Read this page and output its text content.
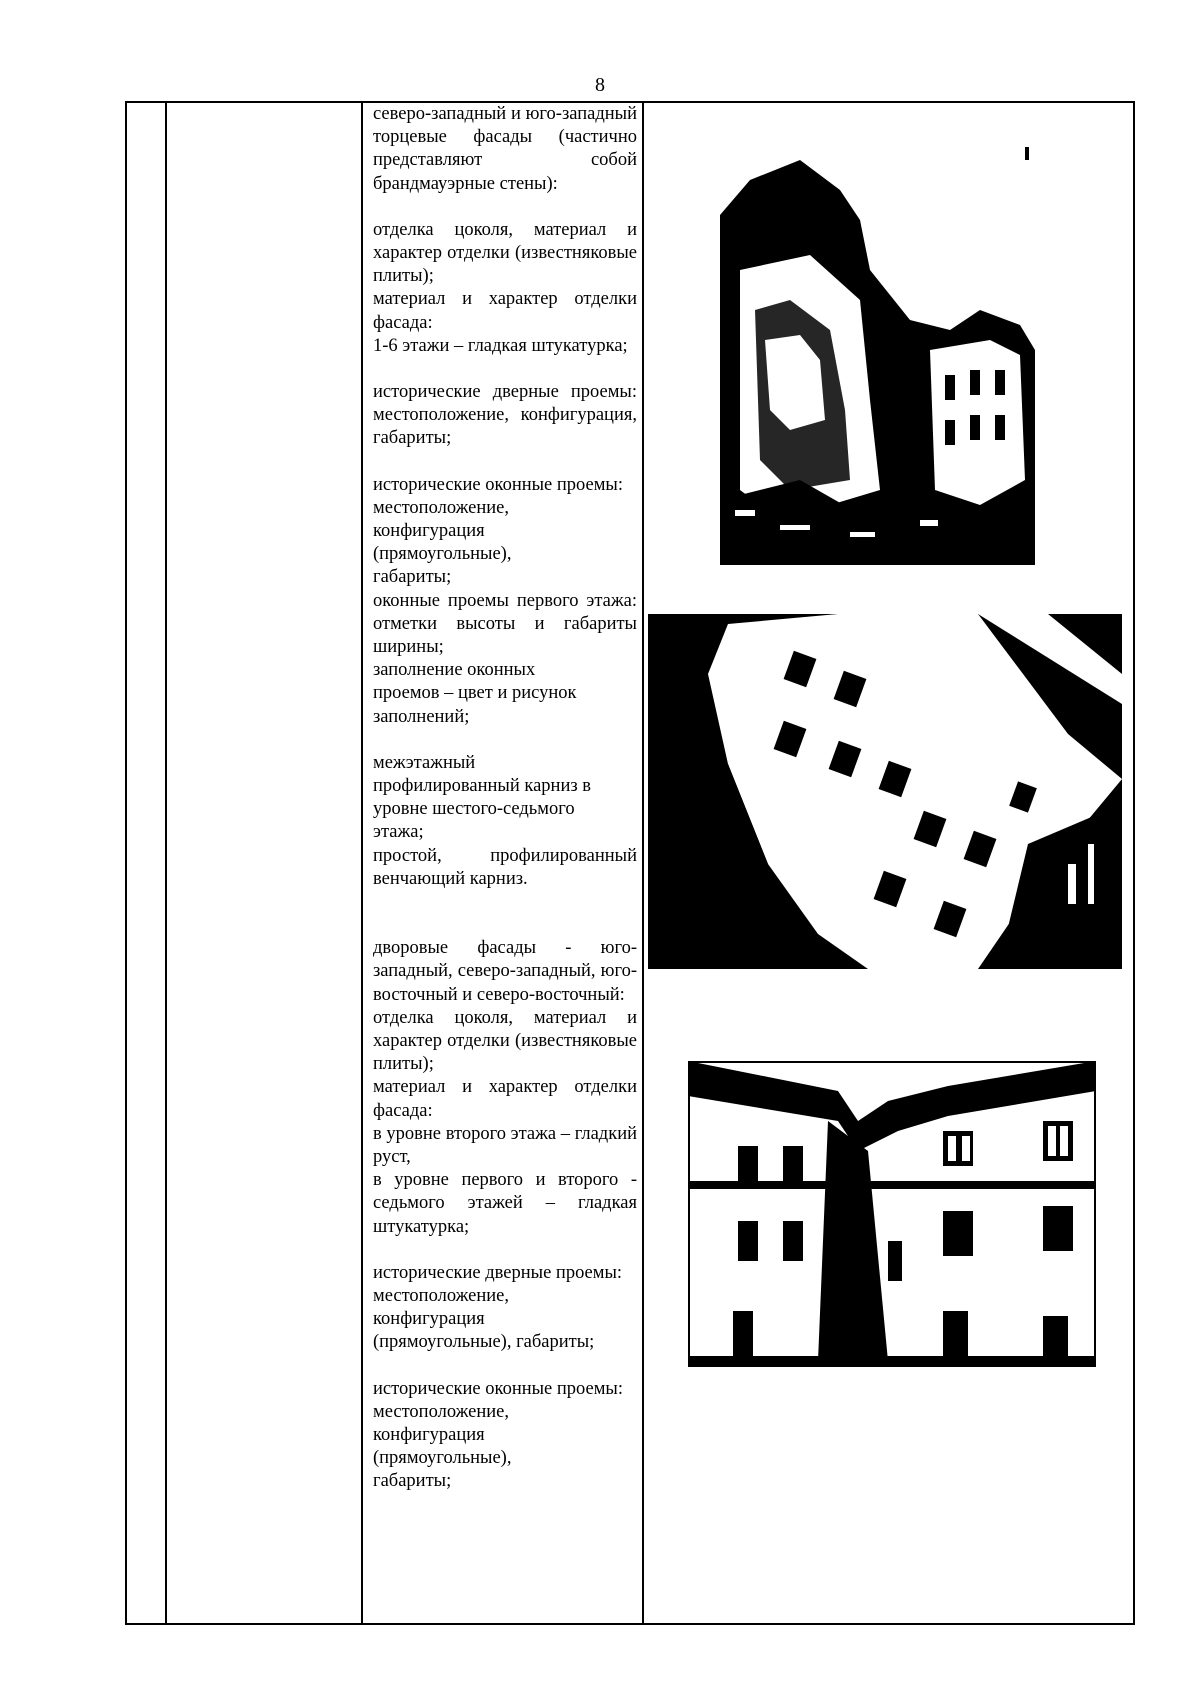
8

северо-западный и юго-западный торцевые фасады (частично представляют собой брандмауэрные стены):

отделка цоколя, материал и характер отделки (известняковые плиты);
материал и характер отделки фасада:
1-6 этажи – гладкая штукатурка;

исторические дверные проемы: местоположение, конфигурация, габариты;

исторические оконные проемы:
местоположение,
конфигурация
(прямоугольные),
габариты;
оконные проемы первого этажа: отметки высоты и габариты ширины;
заполнение оконных
проемов – цвет и рисунок
заполнений;

межэтажный
профилированный карниз в
уровне шестого-седьмого
этажа;
простой, профилированный венчающий карниз.

дворовые фасады - юго-западный, северо-западный, юго-восточный и северо-восточный:
отделка цоколя, материал и характер отделки (известняковые плиты);
материал и характер отделки фасада:
в уровне второго этажа – гладкий руст,
в уровне первого и второго - седьмого этажей – гладкая штукатурка;

исторические дверные проемы:
местоположение,
конфигурация
(прямоугольные), габариты;

исторические оконные проемы:
местоположение,
конфигурация
(прямоугольные),
габариты;
